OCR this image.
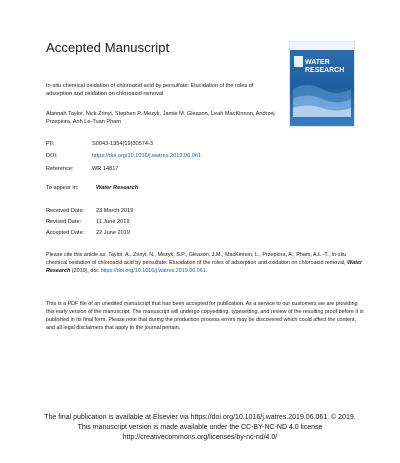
Accepted Manuscript
WATER RESEARCH

In-situ chemical oxidation of chloroacid acid by persulfate: Elucidation of the roles of adsorption and oxidation on chloroacid removal

Alannah Taylor, Nick Zrinyi, Stephen P. Mezyk, Jamie M. Gleason, Leah MacKinnon, Andrzej Przepiora, Anh Le-Tuan Pham
PII:	S0043-1354(19)30574-3
DOI:	https://doi.org/10.1016/j.watres.2019.06.061
Reference:	WR 14817
To appear in:	Water Research
Received Date: 23 March 2019
Revised Date:	11 June 2019
Accepted Date: 22 June 2019

Please cite this article as: Taylor, A., Zrinyi, N., Mezyk, S.P., Gleason, J.M., MacKinnon, L., Przepiora, A., Pham, A.L.-T., In-situ chemical oxidation of chloroacid acid by persulfate: Elucidation of the roles of adsorption and oxidation on chloroacid removal, Water Research (2019), doi: https://doi.org/10.1016/j.watres.2019.06.061.

This is a PDF file of an unedited manuscript that has been accepted for publication. As a service to our customers we are providing this early version of the manuscript. The manuscript will undergo copyediting, typesetting, and review of the resulting proof before it is published in its final form. Please note that during the production process errors may be discovered which could affect the content, and all legal disclaimers that apply to the journal pertain.

The final publication is available at Elsevier via https://doi.org/10.1016/j.watres.2019.06.061. © 2019.
This manuscript version is made available under the CC-BY-NC-ND 4.0 license
http://creativecommons.org/licenses/by-nc-nd/4.0/
